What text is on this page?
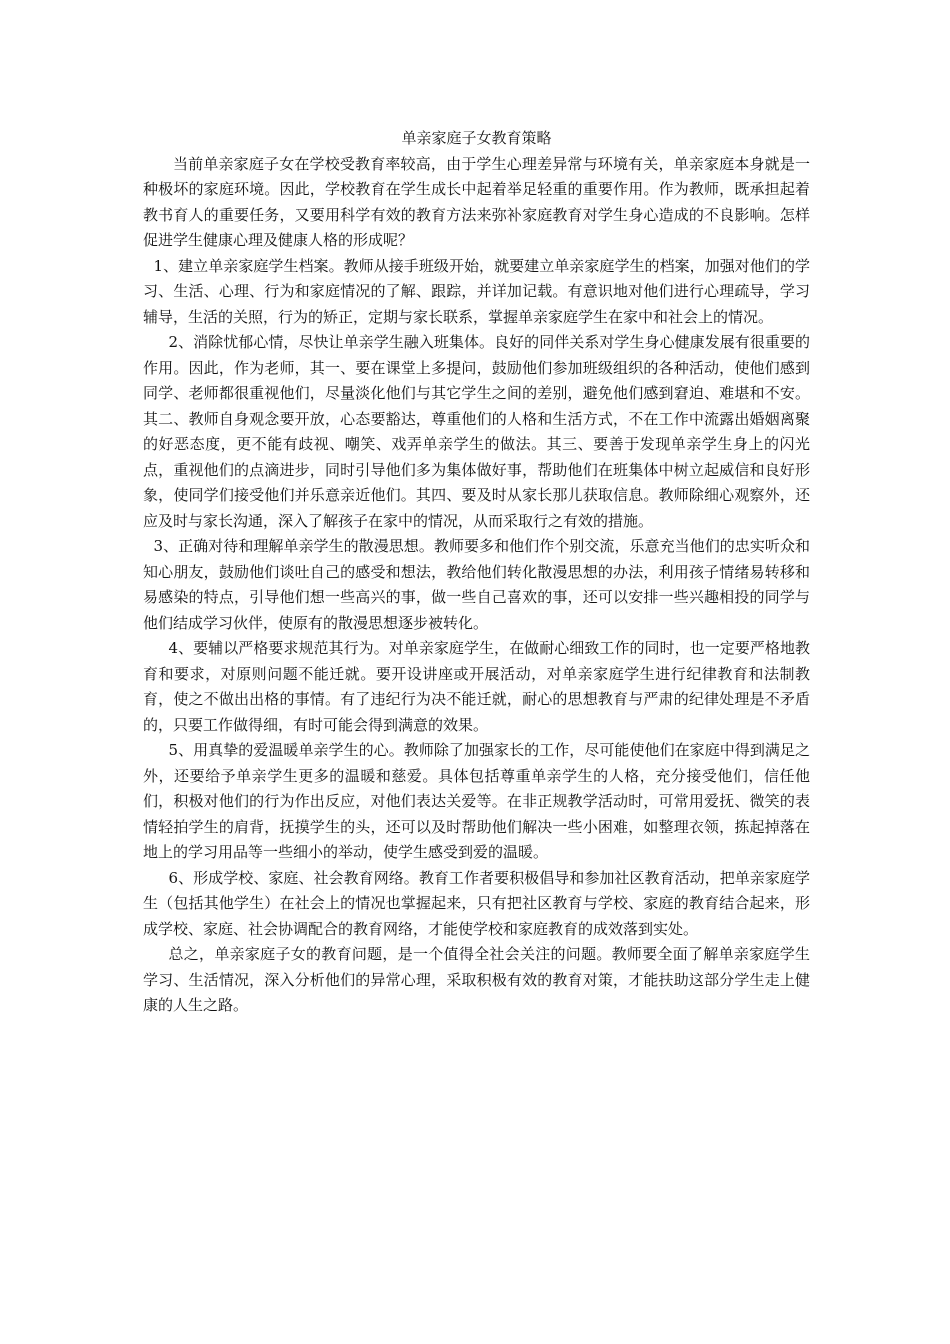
单亲家庭子女教育策略

当前单亲家庭子女在学校受教育率较高，由于学生心理差异常与环境有关，单亲家庭本身就是一种极坏的家庭环境。因此，学校教育在学生成长中起着举足轻重的重要作用。作为教师，既承担起着教书育人的重要任务，又要用科学有效的教育方法来弥补家庭教育对学生身心造成的不良影响。怎样促进学生健康心理及健康人格的形成呢？

1、建立单亲家庭学生档案。教师从接手班级开始，就要建立单亲家庭学生的档案，加强对他们的学习、生活、心理、行为和家庭情况的了解、跟踪，并详加记载。有意识地对他们进行心理疏导，学习辅导，生活的关照，行为的矫正，定期与家长联系，掌握单亲家庭学生在家中和社会上的情况。

2、消除忧郁心情，尽快让单亲学生融入班集体。良好的同伴关系对学生身心健康发展有很重要的作用。因此，作为老师，其一、要在课堂上多提问，鼓励他们参加班级组织的各种活动，使他们感到同学、老师都很重视他们，尽量淡化他们与其它学生之间的差别，避免他们感到窘迫、难堪和不安。其二、教师自身观念要开放，心态要豁达，尊重他们的人格和生活方式，不在工作中流露出婚姻离聚的好恶态度，更不能有歧视、嘲笑、戏弄单亲学生的做法。其三、要善于发现单亲学生身上的闪光点，重视他们的点滴进步，同时引导他们多为集体做好事，帮助他们在班集体中树立起威信和良好形象，使同学们接受他们并乐意亲近他们。其四、要及时从家长那儿获取信息。教师除细心观察外，还应及时与家长沟通，深入了解孩子在家中的情况，从而采取行之有效的措施。

3、正确对待和理解单亲学生的散漫思想。教师要多和他们作个别交流，乐意充当他们的忠实听众和知心朋友，鼓励他们谈吐自己的感受和想法，教给他们转化散漫思想的办法，利用孩子情绪易转移和易感染的特点，引导他们想一些高兴的事，做一些自己喜欢的事，还可以安排一些兴趣相投的同学与他们结成学习伙伴，使原有的散漫思想逐步被转化。

4、要辅以严格要求规范其行为。对单亲家庭学生，在做耐心细致工作的同时，也一定要严格地教育和要求，对原则问题不能迁就。要开设讲座或开展活动，对单亲家庭学生进行纪律教育和法制教育，使之不做出出格的事情。有了违纪行为决不能迁就，耐心的思想教育与严肃的纪律处理是不矛盾的，只要工作做得细，有时可能会得到满意的效果。

5、用真挚的爱温暖单亲学生的心。教师除了加强家长的工作，尽可能使他们在家庭中得到满足之外，还要给予单亲学生更多的温暖和慈爱。具体包括尊重单亲学生的人格，充分接受他们，信任他们，积极对他们的行为作出反应，对他们表达关爱等。在非正规教学活动时，可常用爱抚、微笑的表情轻拍学生的肩背，抚摸学生的头，还可以及时帮助他们解决一些小困难，如整理衣领，拣起掉落在地上的学习用品等一些细小的举动，使学生感受到爱的温暖。

6、形成学校、家庭、社会教育网络。教育工作者要积极倡导和参加社区教育活动，把单亲家庭学生（包括其他学生）在社会上的情况也掌握起来，只有把社区教育与学校、家庭的教育结合起来，形成学校、家庭、社会协调配合的教育网络，才能使学校和家庭教育的成效落到实处。

总之，单亲家庭子女的教育问题，是一个值得全社会关注的问题。教师要全面了解单亲家庭学生学习、生活情况，深入分析他们的异常心理，采取积极有效的教育对策，才能扶助这部分学生走上健康的人生之路。
